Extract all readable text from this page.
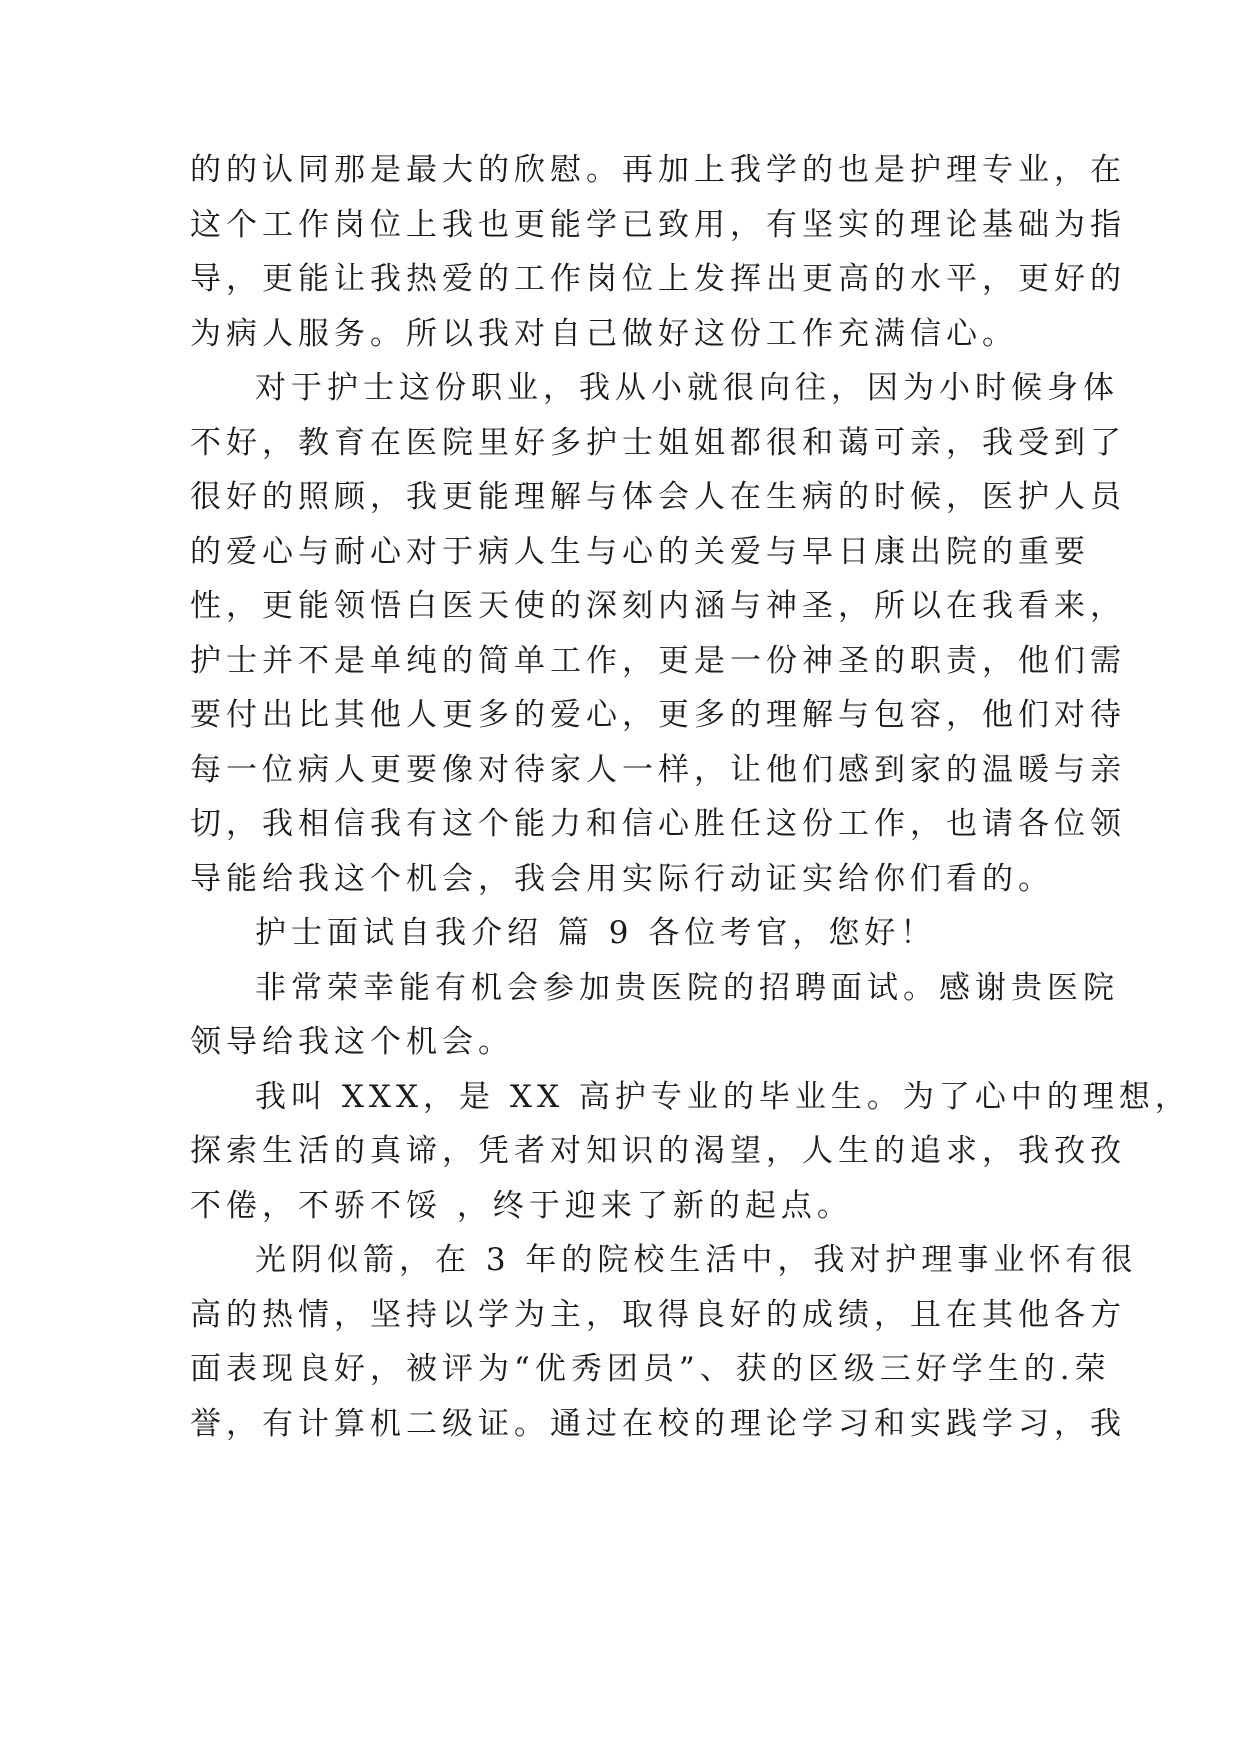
的的认同那是最大的欣慰。再加上我学的也是护理专业，在
这个工作岗位上我也更能学已致用，有坚实的理论基础为指
导，更能让我热爱的工作岗位上发挥出更高的水平，更好的
为病人服务。所以我对自己做好这份工作充满信心。
对于护士这份职业，我从小就很向往，因为小时候身体
不好，教育在医院里好多护士姐姐都很和蔼可亲，我受到了
很好的照顾，我更能理解与体会人在生病的时候，医护人员
的爱心与耐心对于病人生与心的关爱与早日康出院的重要
性，更能领悟白医天使的深刻内涵与神圣，所以在我看来，
护士并不是单纯的简单工作，更是一份神圣的职责，他们需
要付出比其他人更多的爱心，更多的理解与包容，他们对待
每一位病人更要像对待家人一样，让他们感到家的温暖与亲
切，我相信我有这个能力和信心胜任这份工作，也请各位领
导能给我这个机会，我会用实际行动证实给你们看的。
护士面试自我介绍 篇 9 各位考官，您好！
非常荣幸能有机会参加贵医院的招聘面试。感谢贵医院
领导给我这个机会。
我叫 XXX，是 XX 高护专业的毕业生。为了心中的理想，
探索生活的真谛，凭者对知识的渴望，人生的追求，我孜孜
不倦，不骄不馁 ，终于迎来了新的起点。
光阴似箭，在 3 年的院校生活中，我对护理事业怀有很
高的热情，坚持以学为主，取得良好的成绩，且在其他各方
面表现良好，被评为“优秀团员”、获的区级三好学生的.荣
誉，有计算机二级证。通过在校的理论学习和实践学习，我
